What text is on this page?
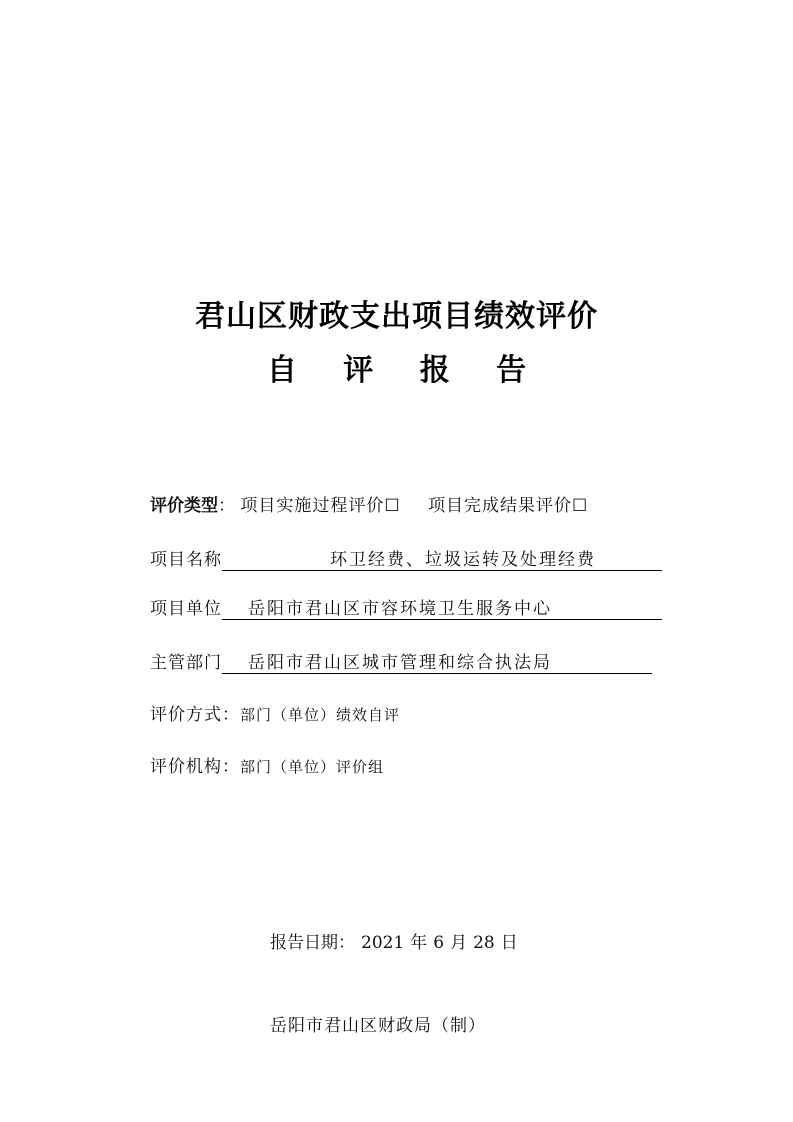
君山区财政支出项目绩效评价
自 评 报 告
评价类型： 项目实施过程评价☐ 项目完成结果评价☐
项目名称	环卫经费、垃圾运转及处理经费
项目单位 岳阳市君山区市容环境卫生服务中心
主管部门 岳阳市君山区城市管理和综合执法局
评价方式：部门（单位）绩效自评
评价机构：部门（单位）评价组
报告日期： 2021 年 6 月 28 日
岳阳市君山区财政局（制）
